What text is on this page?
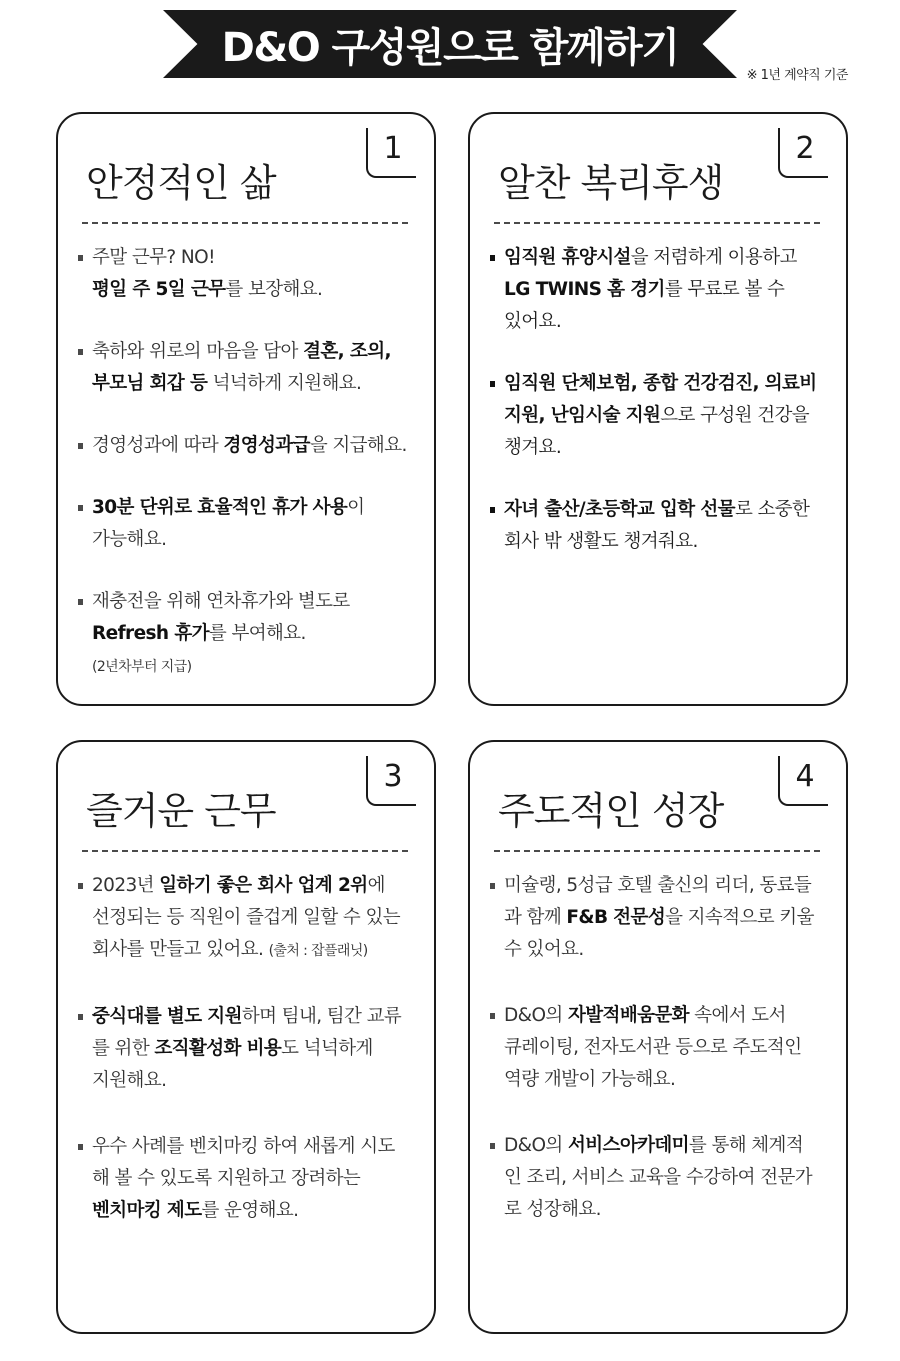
D&O 구성원으로 함께하기
※ 1년 계약직 기준
안정적인 삶
1
주말 근무? NO!
평일 주 5일 근무를 보장해요.
축하와 위로의 마음을 담아 결혼, 조의,
부모님 회갑 등 넉넉하게 지원해요.
경영성과에 따라 경영성과급을 지급해요.
30분 단위로 효율적인 휴가 사용이
가능해요.
재충전을 위해 연차휴가와 별도로
Refresh 휴가를 부여해요.
(2년차부터 지급)
알찬 복리후생
2
임직원 휴양시설을 저렴하게 이용하고
LG TWINS 홈 경기를 무료로 볼 수
있어요.
임직원 단체보험, 종합 건강검진, 의료비
지원, 난임시술 지원으로 구성원 건강을
챙겨요.
자녀 출산/초등학교 입학 선물로 소중한
회사 밖 생활도 챙겨줘요.
즐거운 근무
3
2023년 일하기 좋은 회사 업계 2위에
선정되는 등 직원이 즐겁게 일할 수 있는
회사를 만들고 있어요. (출처 : 잡플래닛)
중식대를 별도 지원하며 팀내, 팀간 교류
를 위한 조직활성화 비용도 넉넉하게
지원해요.
우수 사례를 벤치마킹 하여 새롭게 시도
해 볼 수 있도록 지원하고 장려하는
벤치마킹 제도를 운영해요.
주도적인 성장
4
미슐랭, 5성급 호텔 출신의 리더, 동료들
과 함께 F&B 전문성을 지속적으로 키울
수 있어요.
D&O의 자발적배움문화 속에서 도서
큐레이팅, 전자도서관 등으로 주도적인
역량 개발이 가능해요.
D&O의 서비스아카데미를 통해 체계적
인 조리, 서비스 교육을 수강하여 전문가
로 성장해요.
